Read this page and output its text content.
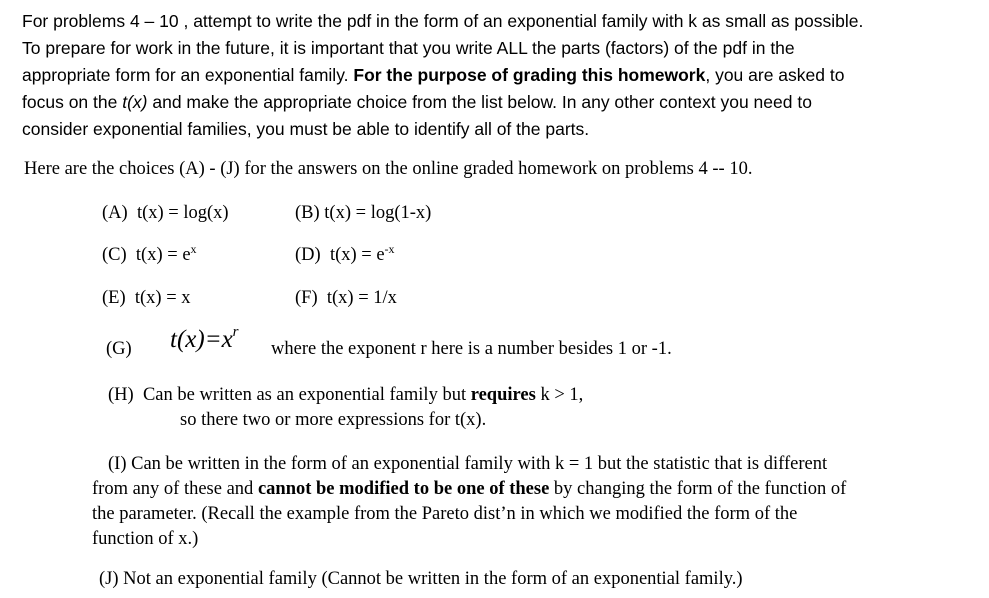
For problems 4 – 10 , attempt to write the pdf in the form of an exponential family with k as small as possible.
To prepare for work in the future, it is important that you write ALL the parts (factors) of the pdf in the
appropriate form for an exponential family. For the purpose of grading this homework, you are asked to
focus on the t(x) and make the appropriate choice from the list below. In any other context you need to
consider exponential families, you must be able to identify all of the parts.
Here are the choices (A) - (J) for the answers on the online graded homework on problems 4 -- 10.
(A) t(x) = log(x)	(B) t(x) = log(1-x)
(C) $t(x) = e^x$	(D) $t(x) = e^{-x}$
(E) t(x) = x	(F) t(x) = 1/x
(G) $t(x)=x^r$
where the exponent r here is a number besides 1 or -1.
(H) Can be written as an exponential family but requires k > 1,
so there two or more expressions for t(x).
(I) Can be written in the form of an exponential family with k = 1 but the statistic that is different
from any of these and cannot be modified to be one of these by changing the form of the function of
the parameter. (Recall the example from the Pareto dist’n in which we modified the form of the
function of x.)
(J) Not an exponential family (Cannot be written in the form of an exponential family.)
